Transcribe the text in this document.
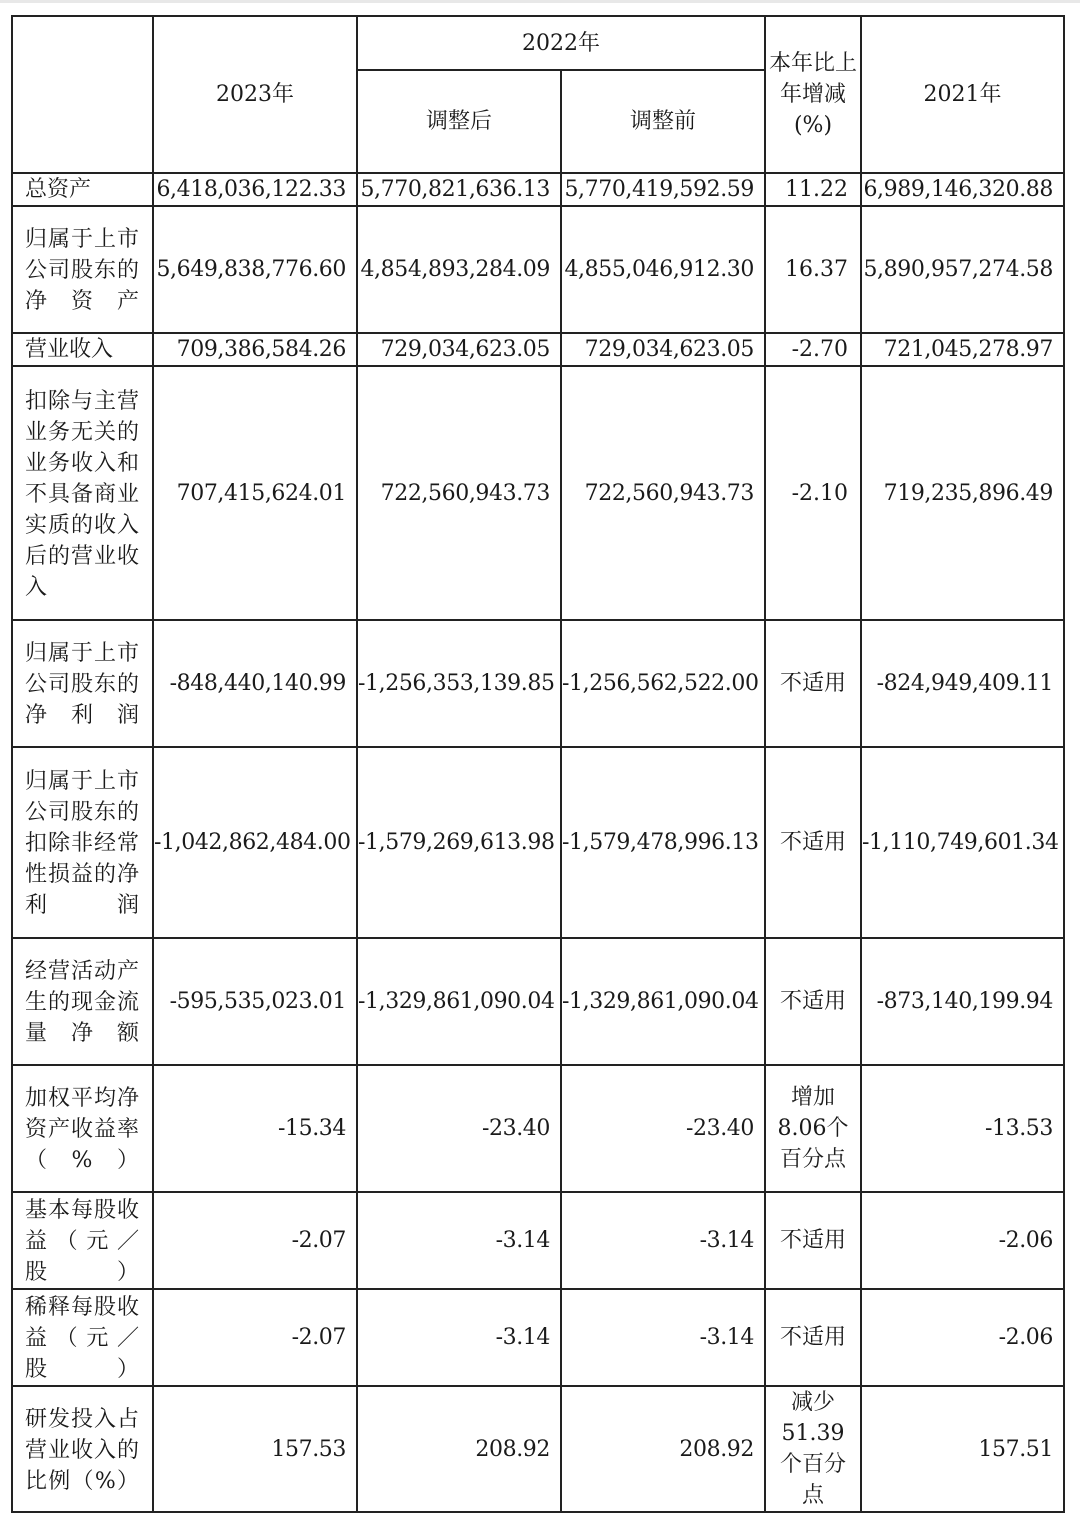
	2023年	2022年		本年比上年增减(%)	2021年
		调整后	调整前		
总资产	6,418,036,122.33	5,770,821,636.13	5,770,419,592.59	11.22	6,989,146,320.88
归属于上市公司股东的净资产	5,649,838,776.60	4,854,893,284.09	4,855,046,912.30	16.37	5,890,957,274.58
营业收入	709,386,584.26	729,034,623.05	729,034,623.05	-2.70	721,045,278.97
扣除与主营业务无关的业务收入和不具备商业实质的收入后的营业收入	707,415,624.01	722,560,943.73	722,560,943.73	-2.10	719,235,896.49
归属于上市公司股东的净利润	-848,440,140.99	-1,256,353,139.85	-1,256,562,522.00	不适用	-824,949,409.11
归属于上市公司股东的扣除非经常性损益的净利润	-1,042,862,484.00	-1,579,269,613.98	-1,579,478,996.13	不适用	-1,110,749,601.34
经营活动产生的现金流量净额	-595,535,023.01	-1,329,861,090.04	-1,329,861,090.04	不适用	-873,140,199.94
加权平均净资产收益率（%）	-15.34	-23.40	-23.40	增加8.06个百分点	-13.53
基本每股收益（元／股）	-2.07	-3.14	-3.14	不适用	-2.06
稀释每股收益（元／股）	-2.07	-3.14	-3.14	不适用	-2.06
研发投入占营业收入的比例（%）	157.53	208.92	208.92	减少51.39个百分点	157.51
